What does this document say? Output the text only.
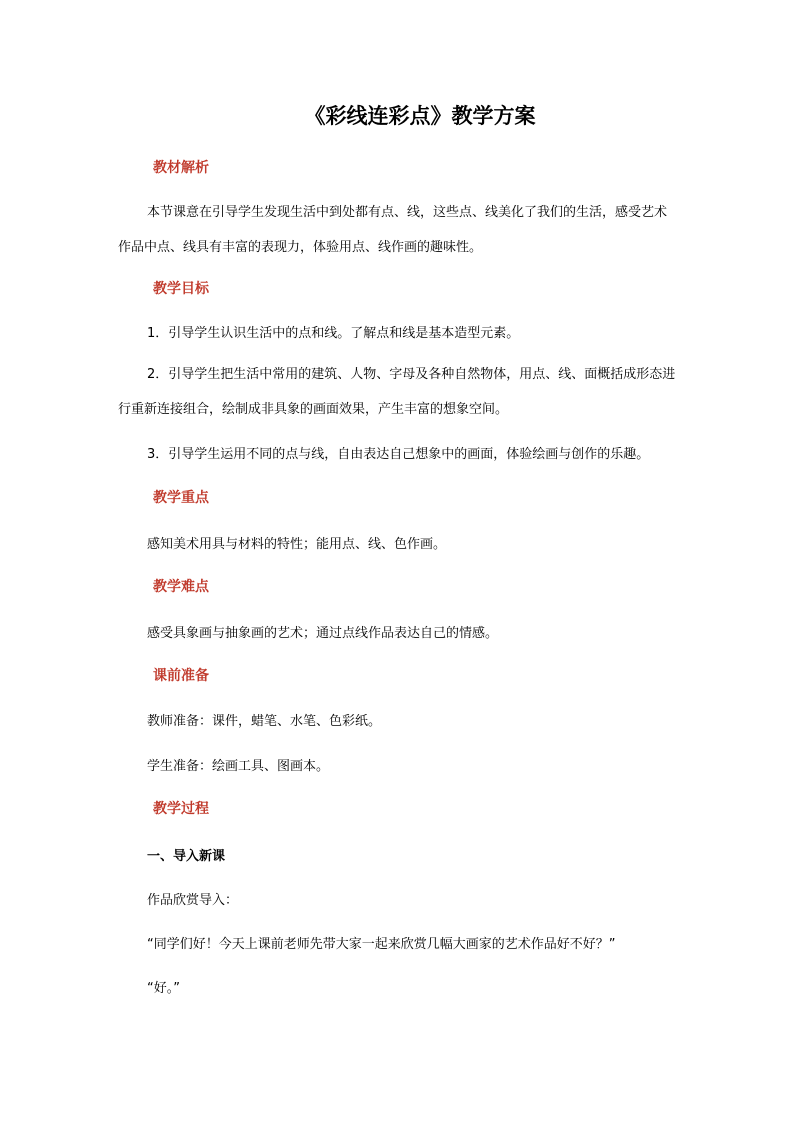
《彩线连彩点》教学方案
教材解析
本节课意在引导学生发现生活中到处都有点、线，这些点、线美化了我们的生活，感受艺术作品中点、线具有丰富的表现力，体验用点、线作画的趣味性。
教学目标
1．引导学生认识生活中的点和线。了解点和线是基本造型元素。
2．引导学生把生活中常用的建筑、人物、字母及各种自然物体，用点、线、面概括成形态进行重新连接组合，绘制成非具象的画面效果，产生丰富的想象空间。
3．引导学生运用不同的点与线，自由表达自己想象中的画面，体验绘画与创作的乐趣。
教学重点
感知美术用具与材料的特性；能用点、线、色作画。
教学难点
感受具象画与抽象画的艺术；通过点线作品表达自己的情感。
课前准备
教师准备：课件，蜡笔、水笔、色彩纸。
学生准备：绘画工具、图画本。
教学过程
一、导入新课
作品欣赏导入：
“同学们好！今天上课前老师先带大家一起来欣赏几幅大画家的艺术作品好不好？”
“好。”
